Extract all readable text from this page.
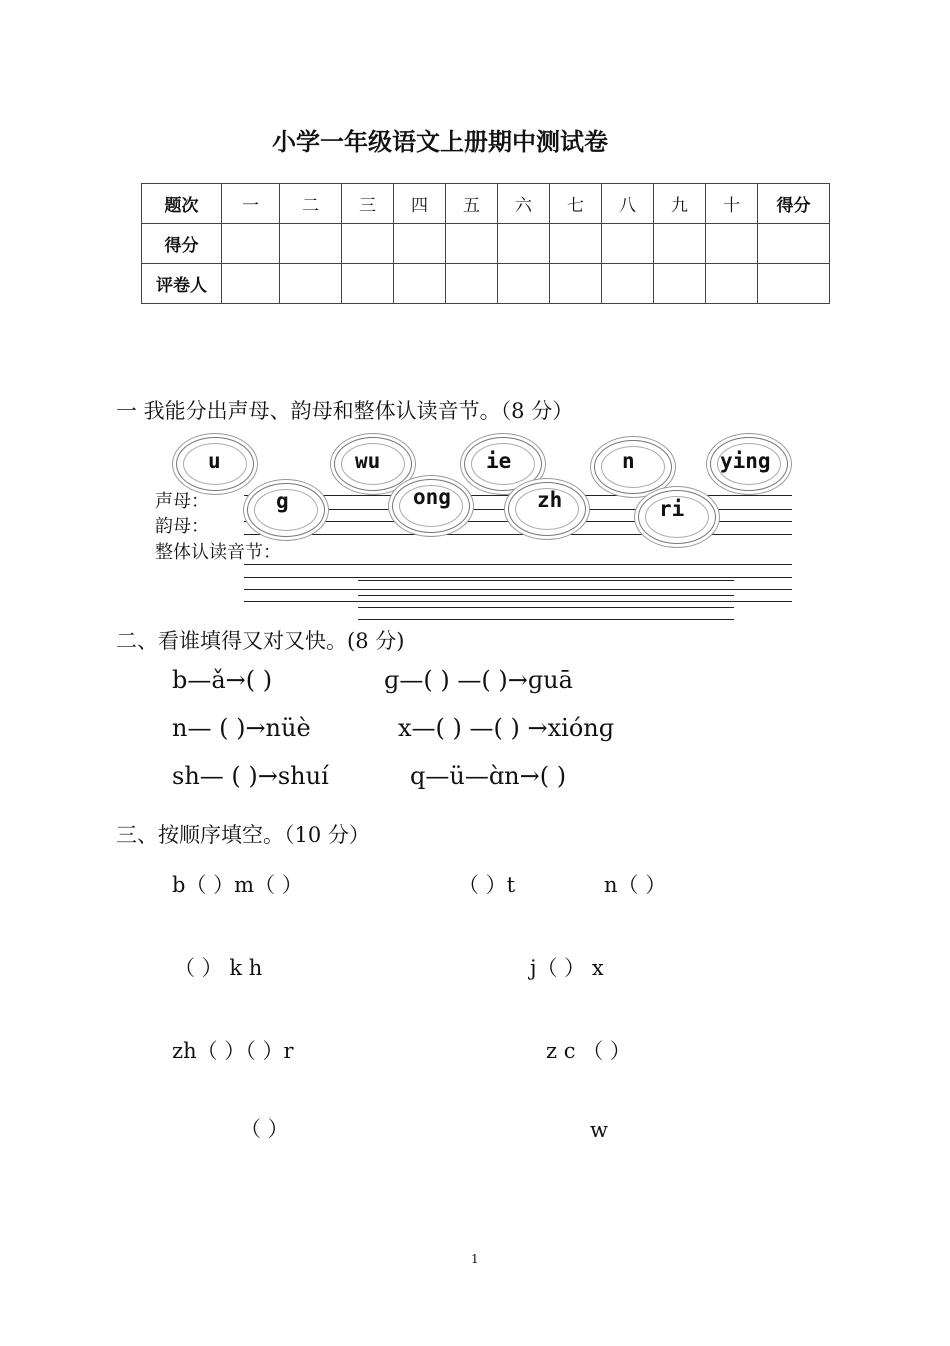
小学一年级语文上册期中测试卷
题次	一	二	三	四	五	六	七	八	九	十	得分
得分											
评卷人											
一 我能分出声母、韵母和整体认读音节。（8 分）
声母：
韵母：
整体认读音节：
u	wu	ie	n	ying
g	ong	zh	ri
二、看谁填得又对又快。(8 分)
b—ǎ→( )	ɡ—( ) —( )→ɡuā
n— ( )→nüè	x—( ) —( ) →xiónɡ
sh— ( )→shuí	q—ü—ɑ̀n→( )
三、按顺序填空。（10 分）
b（ ）m（ ）	（ ）t	n（ ）
（ ） k h	j（ ） x
zh（ ）（ ）r	z c （ ）
（ ）	w
1
